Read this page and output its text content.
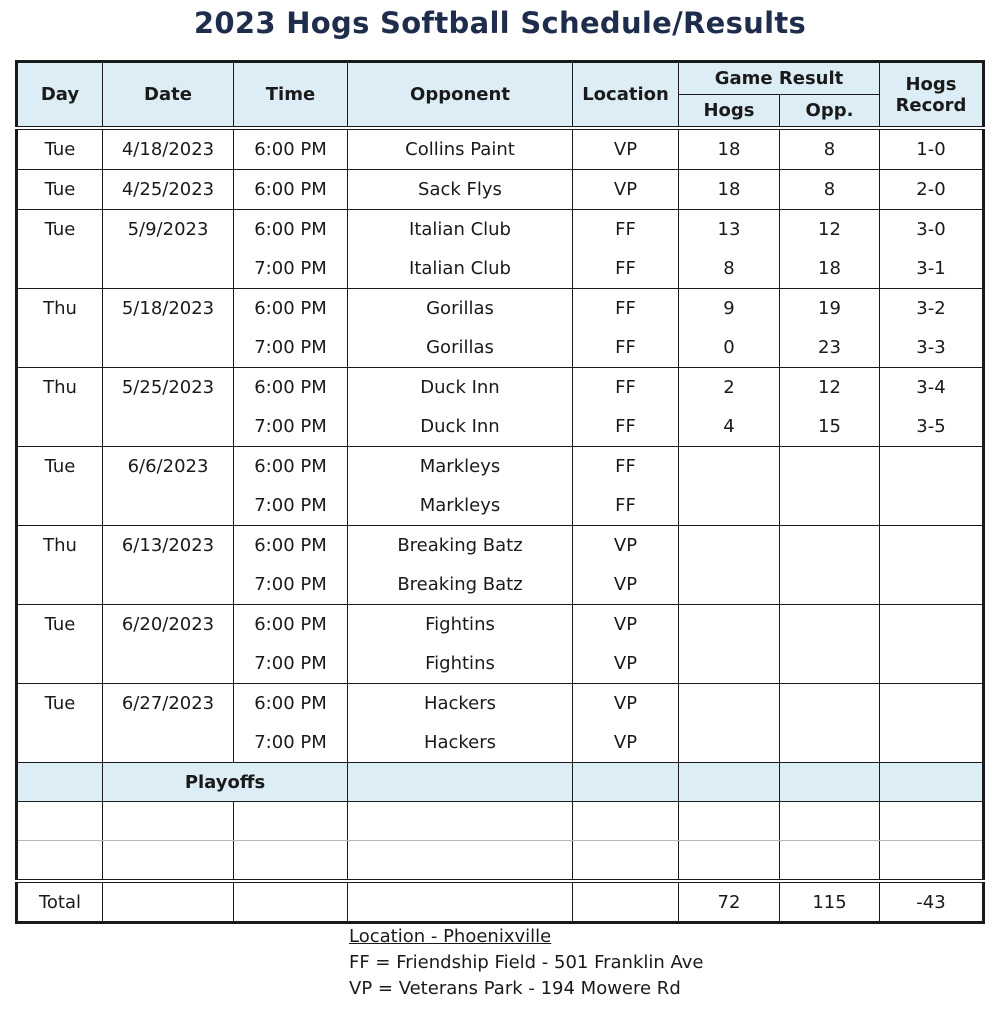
2023 Hogs Softball Schedule/Results
Day	Date	Time	Opponent	Location	Game Result		Hogs
Record
					Hogs	Opp.	
Tue	4/18/2023	6:00 PM	Collins Paint	VP	18	8	1-0
Tue	4/25/2023	6:00 PM	Sack Flys	VP	18	8	2-0
Tue	5/9/2023	6:00 PM	Italian Club	FF	13	12	3-0
		7:00 PM	Italian Club	FF	8	18	3-1
Thu	5/18/2023	6:00 PM	Gorillas	FF	9	19	3-2
		7:00 PM	Gorillas	FF	0	23	3-3
Thu	5/25/2023	6:00 PM	Duck Inn	FF	2	12	3-4
		7:00 PM	Duck Inn	FF	4	15	3-5
Tue	6/6/2023	6:00 PM	Markleys	FF			
		7:00 PM	Markleys	FF			
Thu	6/13/2023	6:00 PM	Breaking Batz	VP			
		7:00 PM	Breaking Batz	VP			
Tue	6/20/2023	6:00 PM	Fightins	VP			
		7:00 PM	Fightins	VP			
Tue	6/27/2023	6:00 PM	Hackers	VP			
		7:00 PM	Hackers	VP			
	Playoffs						

Total					72	115	-43
Location - Phoenixville
FF = Friendship Field - 501 Franklin Ave
VP = Veterans Park - 194 Mowere Rd
